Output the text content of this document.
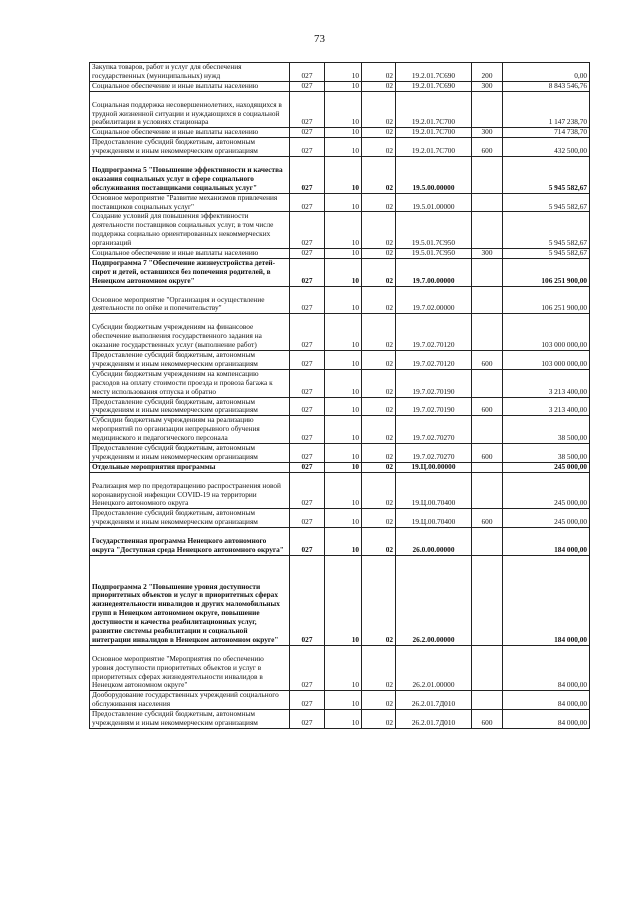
73
Закупка товаров, работ и услуг для обеспечения государственных (муниципальных) нужд	027	10	02	19.2.01.7С690	200	0,00
Социальное обеспечение и иные выплаты населению	027	10	02	19.2.01.7С690	300	8 843 546,76
Социальная поддержка несовершеннолетних, находящихся в трудной жизненной ситуации и нуждающихся в социальной реабилитации в условиях стационара	027	10	02	19.2.01.7С700		1 147 238,70
Социальное обеспечение и иные выплаты населению	027	10	02	19.2.01.7С700	300	714 738,70
Предоставление субсидий бюджетным, автономным учреждениям и иным некоммерческим организациям	027	10	02	19.2.01.7С700	600	432 500,00
Подпрограмма 5 "Повышение эффективности и качества оказания социальных услуг в сфере социального обслуживания поставщиками социальных услуг"	027	10	02	19.5.00.00000		5 945 582,67
Основное мероприятие "Развитие механизмов привлечения поставщиков социальных услуг"	027	10	02	19.5.01.00000		5 945 582,67
Создание условий для повышения эффективности деятельности поставщиков социальных услуг, в том числе поддержка социально ориентированных некоммерческих организаций	027	10	02	19.5.01.7С950		5 945 582,67
Социальное обеспечение и иные выплаты населению	027	10	02	19.5.01.7С950	300	5 945 582,67
Подпрограмма 7 "Обеспечение жизнеустройства детей-сирот и детей, оставшихся без попечения родителей, в Ненецком автономном округе"	027	10	02	19.7.00.00000		106 251 900,00
Основное мероприятие "Организация и осуществление деятельности по опёке и попечительству"	027	10	02	19.7.02.00000		106 251 900,00
Субсидии бюджетным учреждениям на финансовое обеспечение выполнения государственного задания на оказание государственных услуг (выполнение работ)	027	10	02	19.7.02.70120		103 000 000,00
Предоставление субсидий бюджетным, автономным учреждениям и иным некоммерческим организациям	027	10	02	19.7.02.70120	600	103 000 000,00
Субсидии бюджетным учреждениям на компенсацию расходов на оплату стоимости проезда и провоза багажа к месту использования отпуска и обратно	027	10	02	19.7.02.70190		3 213 400,00
Предоставление субсидий бюджетным, автономным учреждениям и иным некоммерческим организациям	027	10	02	19.7.02.70190	600	3 213 400,00
Субсидии бюджетным учреждениям на реализацию мероприятий по организации непрерывного обучения медицинского и педагогического персонала	027	10	02	19.7.02.70270		38 500,00
Предоставление субсидий бюджетным, автономным учреждениям и иным некоммерческим организациям	027	10	02	19.7.02.70270	600	38 500,00
Отдельные мероприятия программы	027	10	02	19.Ц.00.00000		245 000,00
Реализация мер по предотвращению распространения новой коронавирусной инфекции COVID-19 на территории Ненецкого автономного округа	027	10	02	19.Ц.00.70400		245 000,00
Предоставление субсидий бюджетным, автономным учреждениям и иным некоммерческим организациям	027	10	02	19.Ц.00.70400	600	245 000,00
Государственная программа Ненецкого автономного округа "Доступная среда Ненецкого автономного округа"	027	10	02	26.0.00.00000		184 000,00
Подпрограмма 2 "Повышение уровня доступности приоритетных объектов и услуг в приоритетных сферах жизнедеятельности инвалидов и других маломобильных групп в Ненецком автономном округе, повышение доступности и качества реабилитационных услуг, развитие системы реабилитации и социальной интеграции инвалидов в Ненецком автономном округе"	027	10	02	26.2.00.00000		184 000,00
Основное мероприятие "Мероприятия по обеспечению уровня доступности приоритетных объектов и услуг в приоритетных сферах жизнедеятельности инвалидов в Ненецком автономном округе"	027	10	02	26.2.01.00000		84 000,00
Дооборудование государственных учреждений социального обслуживания населения	027	10	02	26.2.01.7Д010		84 000,00
Предоставление субсидий бюджетным, автономным учреждениям и иным некоммерческим организациям	027	10	02	26.2.01.7Д010	600	84 000,00
